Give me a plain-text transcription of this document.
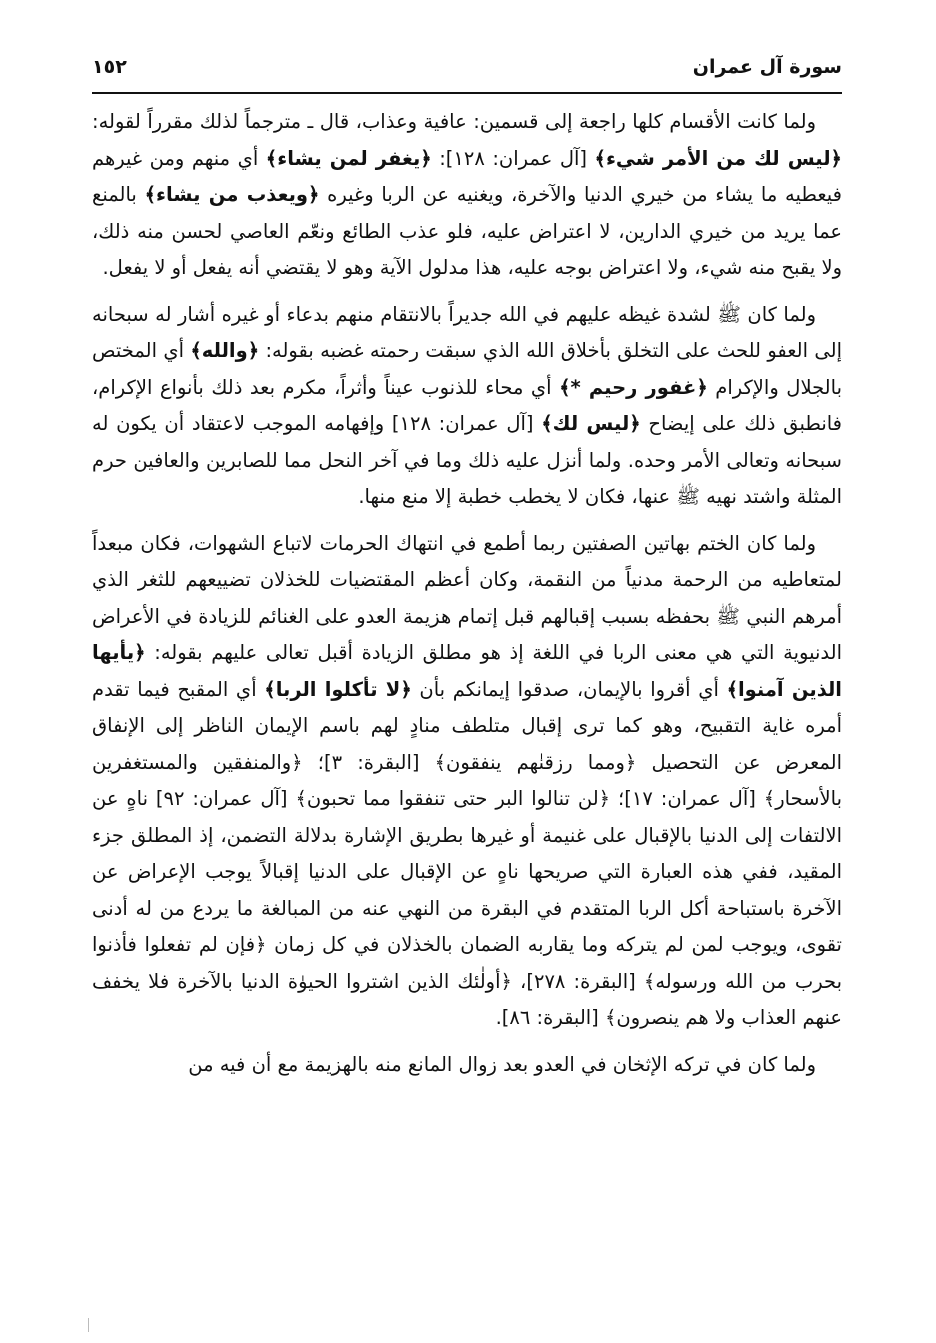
سورة آل عمران
١٥٢

ولما كانت الأقسام كلها راجعة إلى قسمين: عافية وعذاب، قال ـ مترجماً لذلك مقرراً لقوله: ﴿ليس لك من الأمر شيء﴾ [آل عمران: ١٢٨]: ﴿يغفر لمن يشاء﴾ أي منهم ومن غيرهم فيعطيه ما يشاء من خيري الدنيا والآخرة، ويغنيه عن الربا وغيره ﴿ويعذب من يشاء﴾ بالمنع عما يريد من خيري الدارين، لا اعتراض عليه، فلو عذب الطائع ونعّم العاصي لحسن منه ذلك، ولا يقبح منه شيء، ولا اعتراض بوجه عليه، هذا مدلول الآية وهو لا يقتضي أنه يفعل أو لا يفعل.

ولما كان ﷺ لشدة غيظه عليهم في الله جديراً بالانتقام منهم بدعاء أو غيره أشار له سبحانه إلى العفو للحث على التخلق بأخلاق الله الذي سبقت رحمته غضبه بقوله: ﴿والله﴾ أي المختص بالجلال والإكرام ﴿غفور رحيم *﴾ أي محاء للذنوب عيناً وأثراً، مكرم بعد ذلك بأنواع الإكرام، فانطبق ذلك على إيضاح ﴿ليس لك﴾ [آل عمران: ١٢٨] وإفهامه الموجب لاعتقاد أن يكون له سبحانه وتعالى الأمر وحده. ولما أنزل عليه ذلك وما في آخر النحل مما للصابرين والعافين حرم المثلة واشتد نهيه ﷺ عنها، فكان لا يخطب خطبة إلا منع منها.

ولما كان الختم بهاتين الصفتين ربما أطمع في انتهاك الحرمات لاتباع الشهوات، فكان مبعداً لمتعاطيه من الرحمة مدنياً من النقمة، وكان أعظم المقتضيات للخذلان تضييعهم للثغر الذي أمرهم النبي ﷺ بحفظه بسبب إقبالهم قبل إتمام هزيمة العدو على الغنائم للزيادة في الأعراض الدنيوية التي هي معنى الربا في اللغة إذ هو مطلق الزيادة أقبل تعالى عليهم بقوله: ﴿يأيها الذين آمنوا﴾ أي أقروا بالإيمان، صدقوا إيمانكم بأن ﴿لا تأكلوا الربا﴾ أي المقبح فيما تقدم أمره غاية التقبيح، وهو كما ترى إقبال متلطف منادٍ لهم باسم الإيمان الناظر إلى الإنفاق المعرض عن التحصيل ﴿ومما رزقنٰهم ينفقون﴾ [البقرة: ٣]؛ ﴿والمنفقين والمستغفرين بالأسحار﴾ [آل عمران: ١٧]؛ ﴿لن تنالوا البر حتى تنفقوا مما تحبون﴾ [آل عمران: ٩٢] ناهٍ عن الالتفات إلى الدنيا بالإقبال على غنيمة أو غيرها بطريق الإشارة بدلالة التضمن، إذ المطلق جزء المقيد، ففي هذه العبارة التي صريحها ناهٍ عن الإقبال على الدنيا إقبالاً يوجب الإعراض عن الآخرة باستباحة أكل الربا المتقدم في البقرة من النهي عنه من المبالغة ما يردع من له أدنى تقوى، ويوجب لمن لم يتركه وما يقاربه الضمان بالخذلان في كل زمان ﴿فإن لم تفعلوا فأذنوا بحرب من الله ورسوله﴾ [البقرة: ٢٧٨]، ﴿أولٰئك الذين اشتروا الحيوٰة الدنيا بالآخرة فلا يخفف عنهم العذاب ولا هم ينصرون﴾ [البقرة: ٨٦].

ولما كان في تركه الإثخان في العدو بعد زوال المانع منه بالهزيمة مع أن فيه من
